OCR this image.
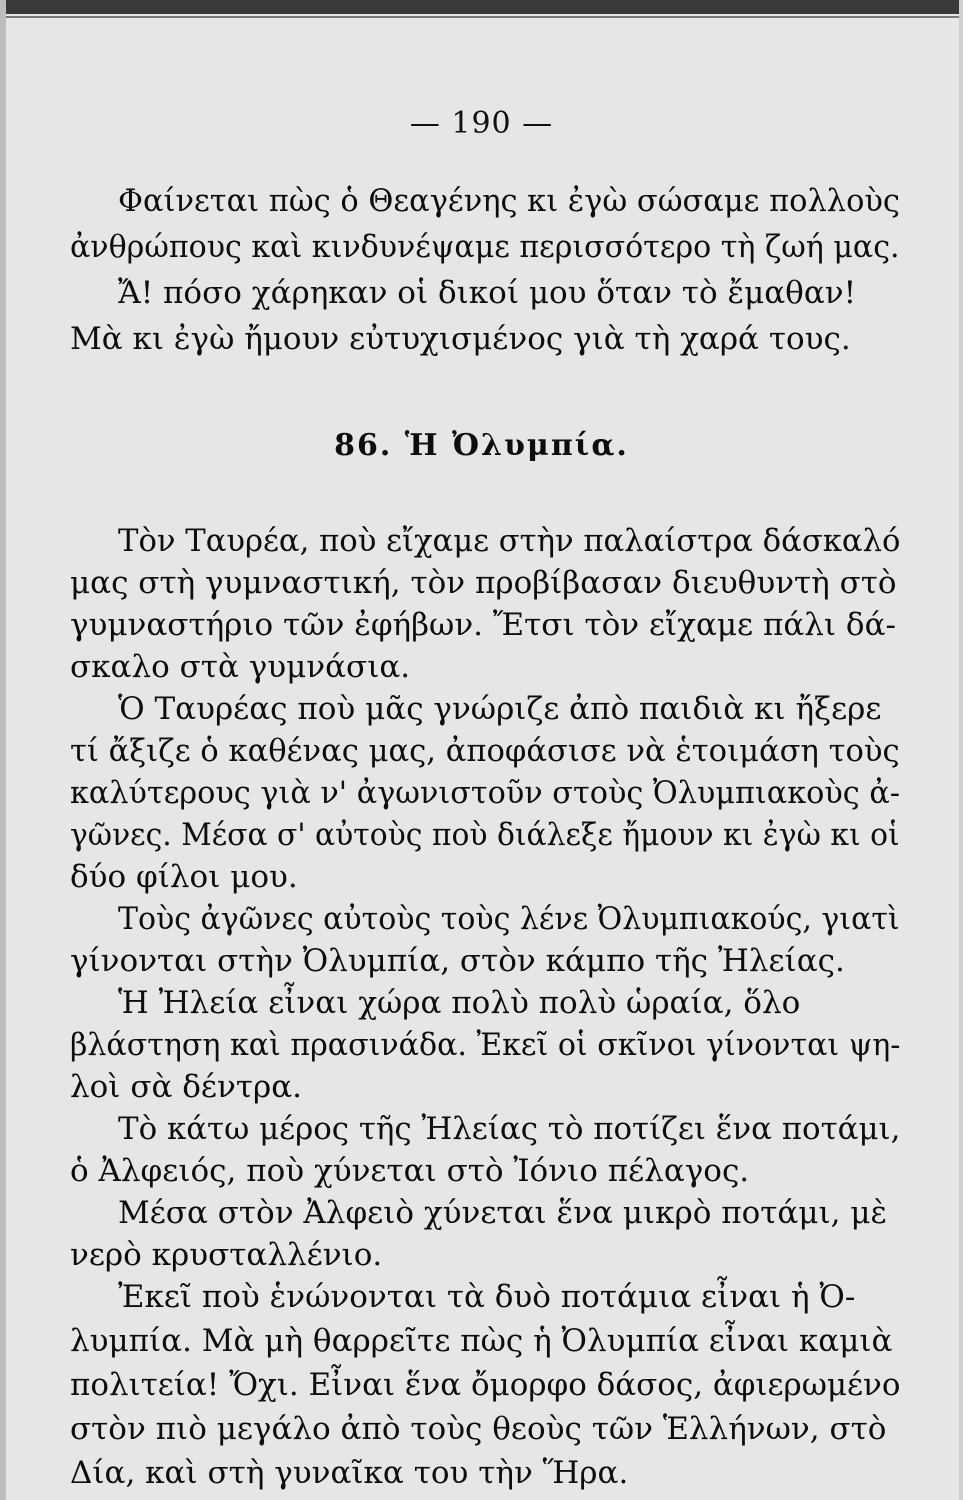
— 190 —
Φαίνεται πὼς ὁ Θεαγένης κι ἐγὼ σώσαμε πολλοὺς
ἀνθρώπους καὶ κινδυνέψαμε περισσότερο τὴ ζωή μας.
Ἄ! πόσο χάρηκαν οἱ δικοί μου ὅταν τὸ ἔμαθαν!
Μὰ κι ἐγὼ ἤμουν εὐτυχισμένος γιὰ τὴ χαρά τους.
86. Ἡ Ὀλυμπία.
Τὸν Ταυρέα, ποὺ εἴχαμε στὴν παλαίστρα δάσκαλό
μας στὴ γυμναστική, τὸν προβίβασαν διευθυντὴ στὸ
γυμναστήριο τῶν ἐφήβων. Ἔτσι τὸν εἴχαμε πάλι δά-
σκαλο στὰ γυμνάσια.
Ὁ Ταυρέας ποὺ μᾶς γνώριζε ἀπὸ παιδιὰ κι ἤξερε
τί ἄξιζε ὁ καθένας μας, ἀποφάσισε νὰ ἑτοιμάση τοὺς
καλύτερους γιὰ ν' ἀγωνιστοῦν στοὺς Ὀλυμπιακοὺς ἀ-
γῶνες. Μέσα σ' αὐτοὺς ποὺ διάλεξε ἤμουν κι ἐγὼ κι οἱ
δύο φίλοι μου.
Τοὺς ἀγῶνες αὐτοὺς τοὺς λένε Ὀλυμπιακούς, γιατὶ
γίνονται στὴν Ὀλυμπία, στὸν κάμπο τῆς Ἠλείας.
Ἡ Ἠλεία εἶναι χώρα πολὺ πολὺ ὡραία, ὅλο
βλάστηση καὶ πρασινάδα. Ἐκεῖ οἱ σκῖνοι γίνονται ψη-
λοὶ σὰ δέντρα.
Τὸ κάτω μέρος τῆς Ἠλείας τὸ ποτίζει ἕνα ποτάμι,
ὁ Ἀλφειός, ποὺ χύνεται στὸ Ἰόνιο πέλαγος.
Μέσα στὸν Ἀλφειὸ χύνεται ἕνα μικρὸ ποτάμι, μὲ
νερὸ κρυσταλλένιο.
Ἐκεῖ ποὺ ἑνώνονται τὰ δυὸ ποτάμια εἶναι ἡ Ὀ-
λυμπία. Μὰ μὴ θαρρεῖτε πὼς ἡ Ὀλυμπία εἶναι καμιὰ
πολιτεία! Ὄχι. Εἶναι ἕνα ὄμορφο δάσος, ἀφιερωμένο
στὸν πιὸ μεγάλο ἀπὸ τοὺς θεοὺς τῶν Ἑλλήνων, στὸ
Δία, καὶ στὴ γυναῖκα του τὴν Ἥρα.
